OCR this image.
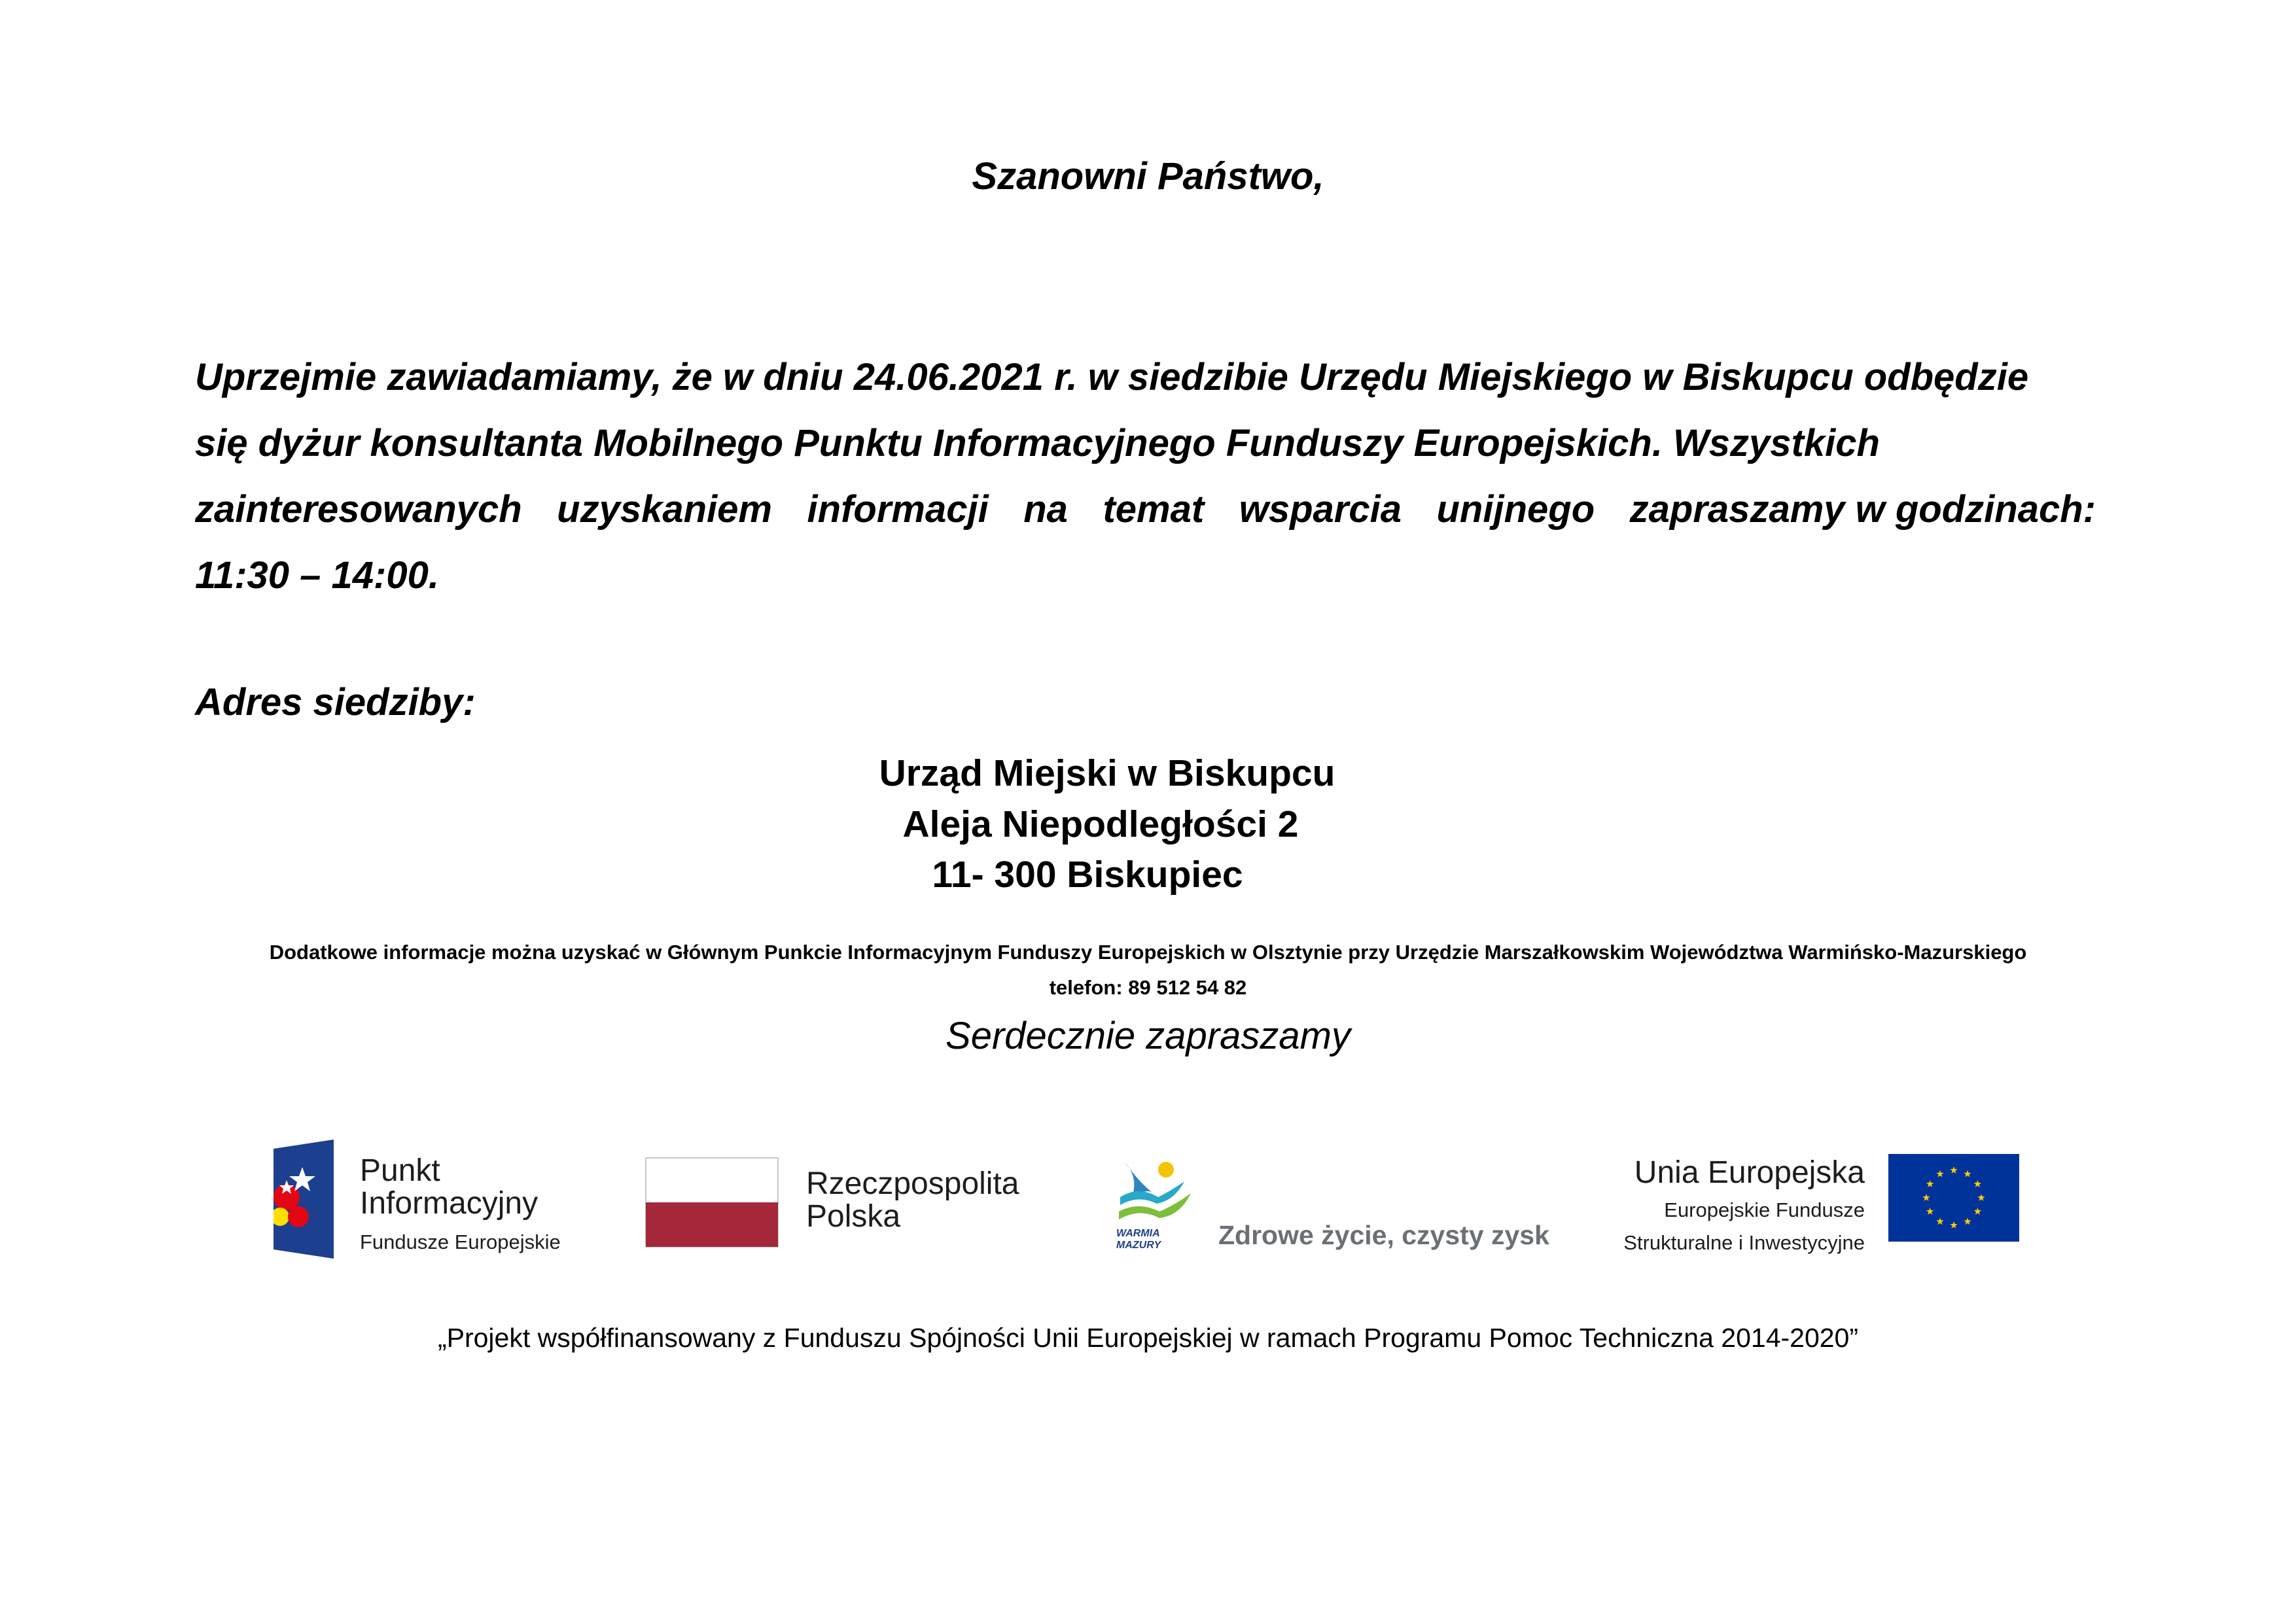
Szanowni Państwo,
Uprzejmie zawiadamiamy, że w dniu 24.06.2021 r. w siedzibie Urzędu Miejskiego w Biskupcu odbędzie
się dyżur konsultanta Mobilnego Punktu Informacyjnego Funduszy Europejskich. Wszystkich
zainteresowanych uzyskaniem informacji na temat wsparcia unijnego zapraszamy w godzinach:
11:30 – 14:00.
Adres siedziby:
Urząd Miejski w Biskupcu
Aleja Niepodległości 2
11- 300 Biskupiec
Dodatkowe informacje można uzyskać w Głównym Punkcie Informacyjnym Funduszy Europejskich w Olsztynie przy Urzędzie Marszałkowskim Województwa Warmińsko-Mazurskiego
telefon: 89 512 54 82
Serdecznie zapraszamy
Punkt
Informacyjny
Fundusze Europejskie
Rzeczpospolita
Polska	WARMIA
MAZURY Zdrowe życie, czysty zysk
Unia Europejska
Europejskie Fundusze
Strukturalne i Inwestycyjne
„Projekt współfinansowany z Funduszu Spójności Unii Europejskiej w ramach Programu Pomoc Techniczna 2014-2020”
